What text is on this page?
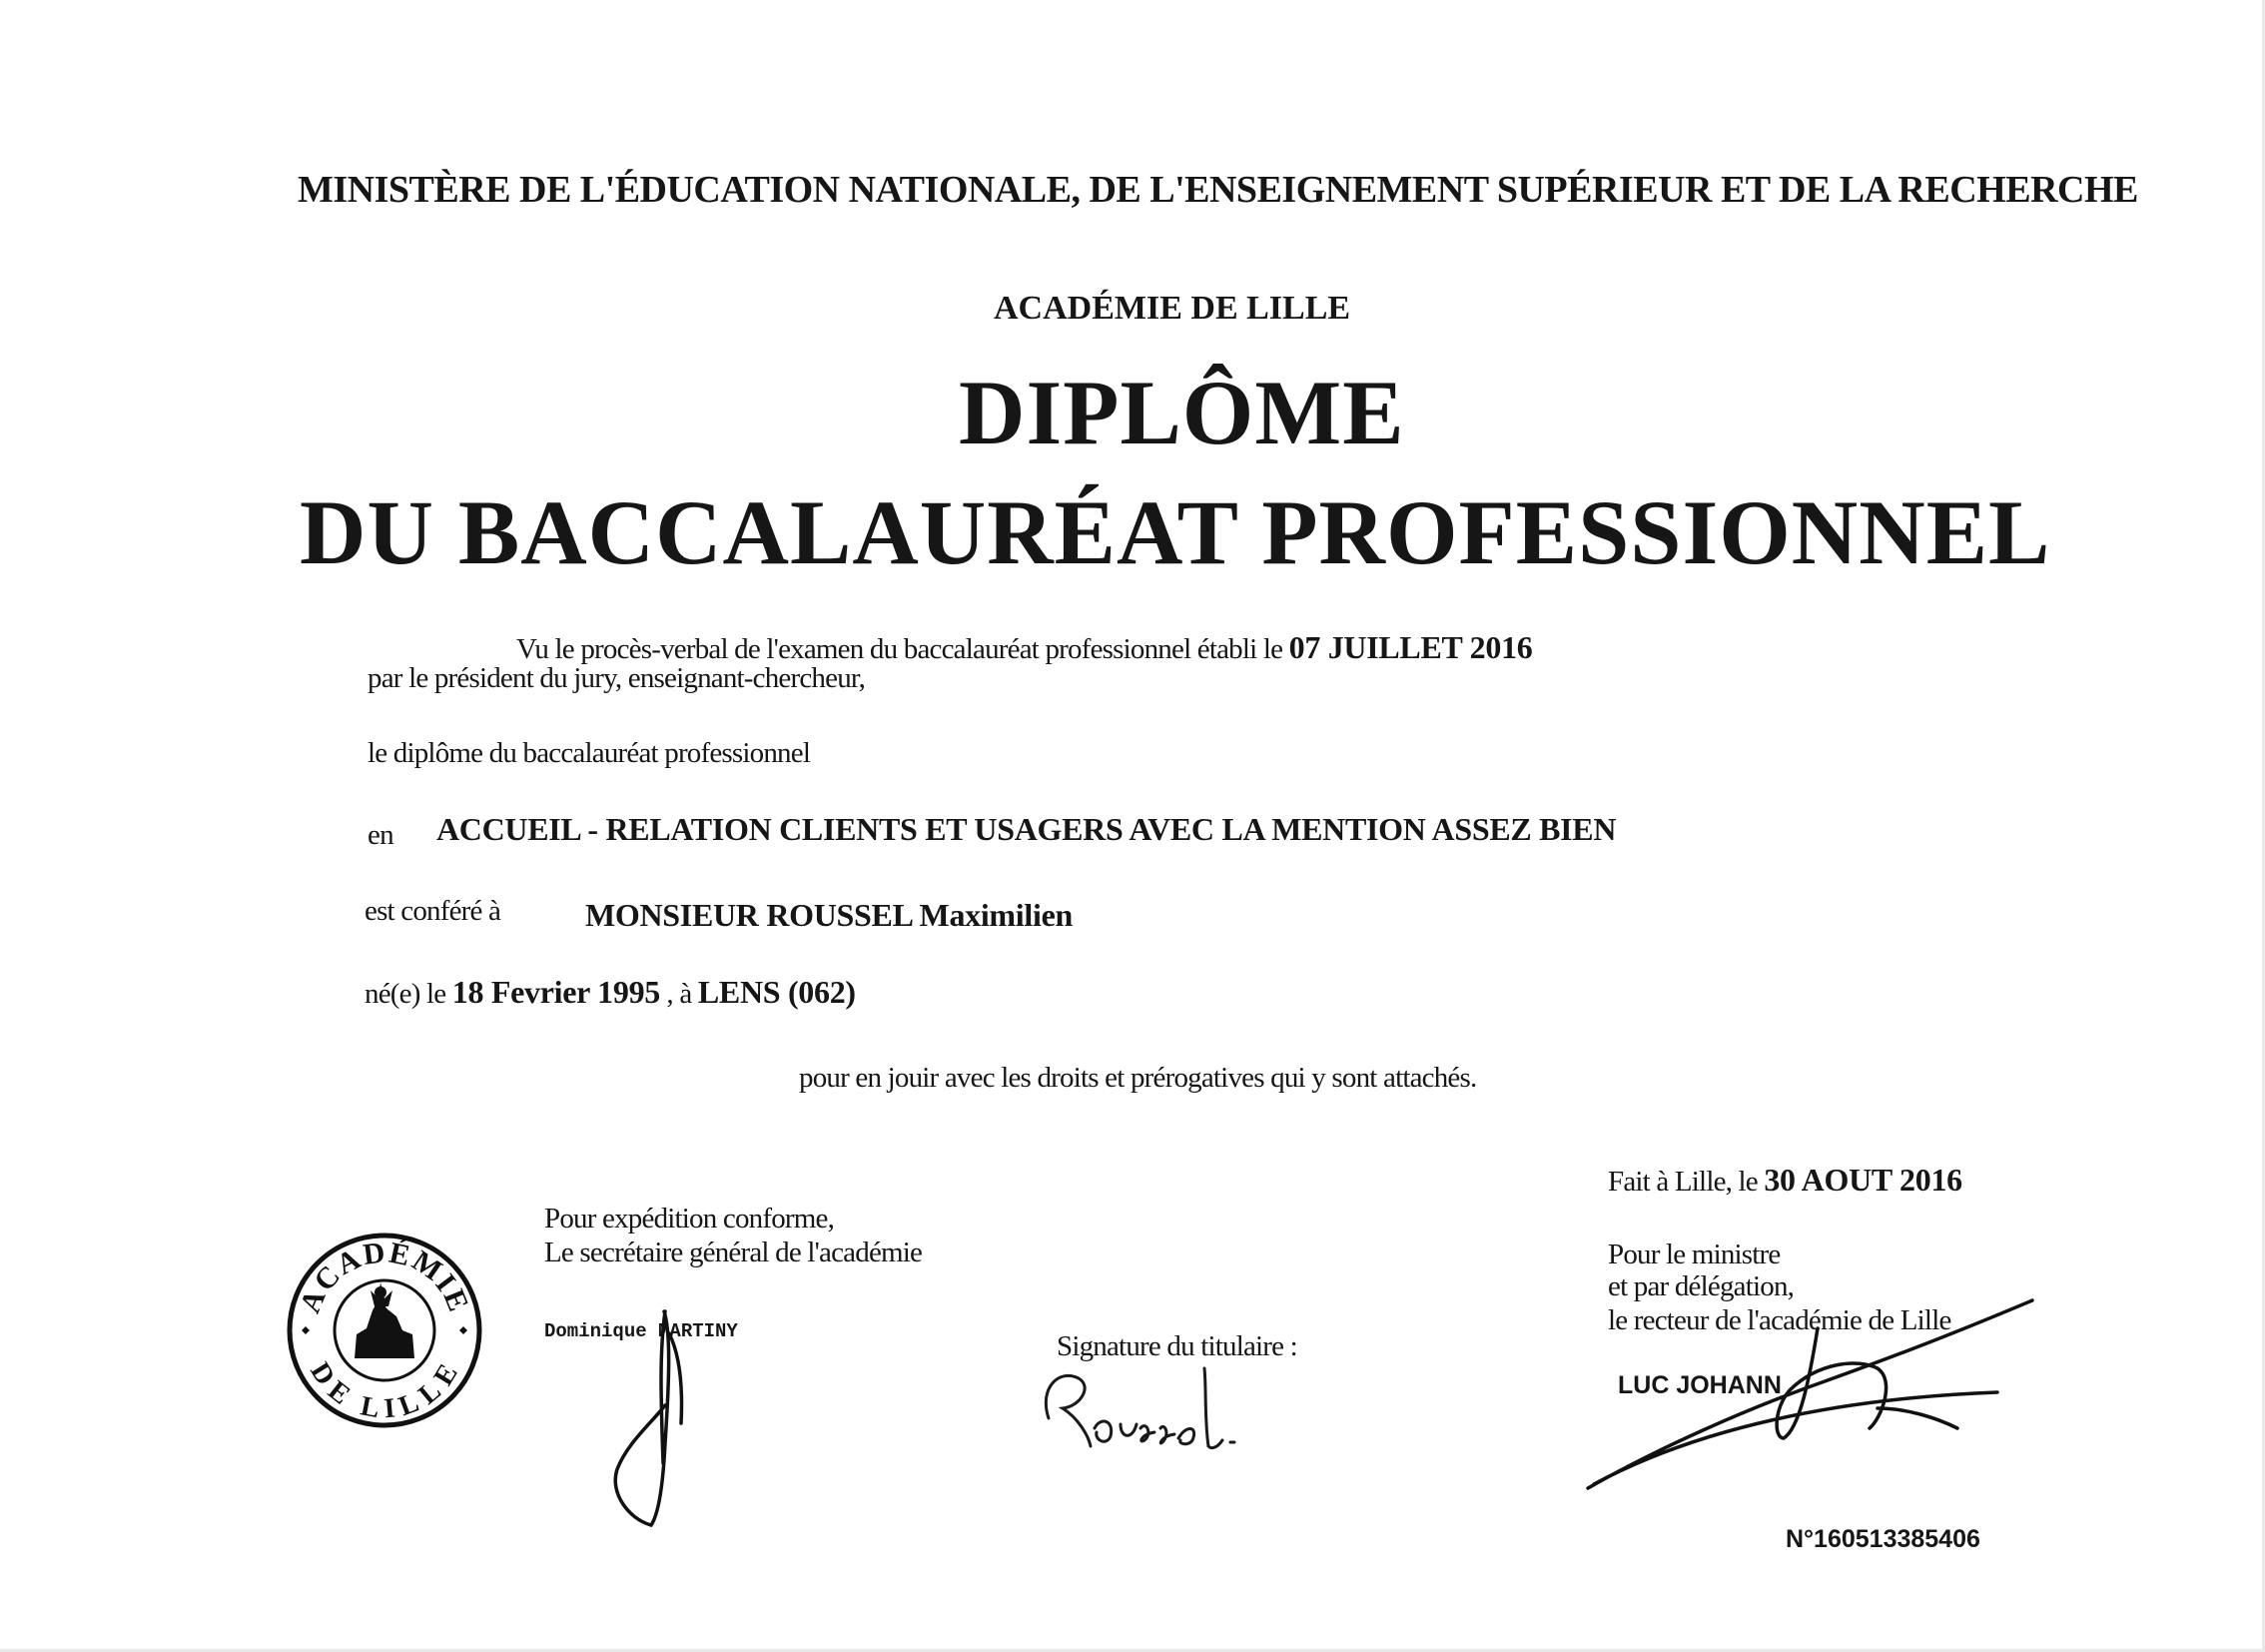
MINISTÈRE DE L'ÉDUCATION NATIONALE, DE L'ENSEIGNEMENT SUPÉRIEUR ET DE LA RECHERCHE
ACADÉMIE DE LILLE
DIPLÔME
DU BACCALAURÉAT PROFESSIONNEL
Vu le procès-verbal de l'examen du baccalauréat professionnel établi le 07 JUILLET 2016
par le président du jury, enseignant-chercheur,
le diplôme du baccalauréat professionnel
en ACCUEIL - RELATION CLIENTS ET USAGERS AVEC LA MENTION ASSEZ BIEN
est conféré à	MONSIEUR ROUSSEL Maximilien
né(e) le 18 Fevrier 1995 , à LENS (062)
pour en jouir avec les droits et prérogatives qui y sont attachés.
Fait à Lille, le 30 AOUT 2016
Pour expédition conforme,
Le secrétaire général de l'académie
Dominique MARTINY	Signature du titulaire :
Pour le ministre
et par délégation,
le recteur de l'académie de Lille
LUC JOHANN
N°160513385406
ACADÉMIE
DE LILLE
